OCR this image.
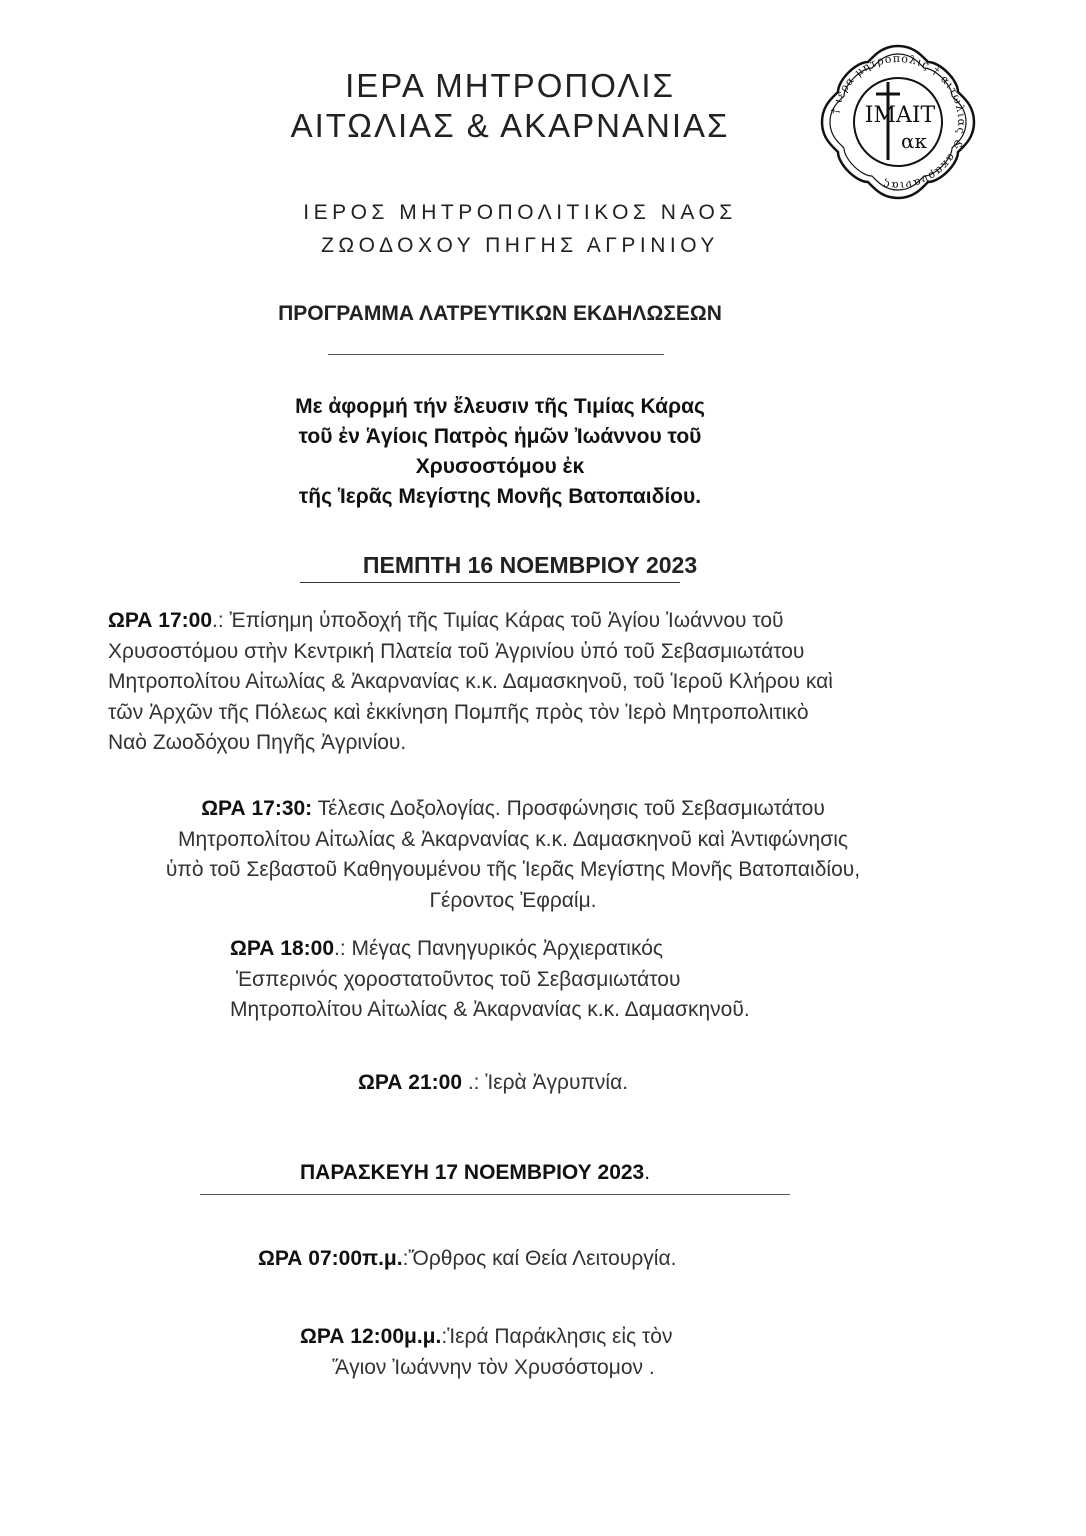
ΙΕΡΑ ΜΗΤΡΟΠΟΛΙΣ
ΑΙΤΩΛΙΑΣ & ΑΚΑΡΝΑΝΙΑΣ	† ιερα μητροπολις † αιτωλιας & ακαρνανιας
ΙΜΑΙΤ
ακ
ΙΕΡΟΣ ΜΗΤΡΟΠΟΛΙΤΙΚΟΣ ΝΑΟΣ
ΖΩΟΔΟΧΟΥ ΠΗΓΗΣ ΑΓΡΙΝΙΟΥ
ΠΡΟΓΡΑΜΜΑ ΛΑΤΡΕΥΤΙΚΩΝ ΕΚΔΗΛΩΣΕΩΝ
Με ἀφορμή τήν ἔλευσιν τῆς Τιμίας Κάρας
τοῦ ἐν Ἁγίοις Πατρὸς ἡμῶν Ἰωάννου τοῦ
Χρυσοστόμου ἐκ
τῆς Ἱερᾶς Μεγίστης Μονῆς Βατοπαιδίου.
ΠΕΜΠΤΗ 16 ΝΟΕΜΒΡΙΟΥ 2023
ΩΡΑ 17:00.: Ἐπίσημη ὑποδοχή τῆς Τιμίας Κάρας τοῦ Ἁγίου Ἰωάννου τοῦ
Χρυσοστόμου στὴν Κεντρική Πλατεία τοῦ Ἀγρινίου ὑπό τοῦ Σεβασμιωτάτου
Μητροπολίτου Αἰτωλίας & Ἀκαρνανίας κ.κ. Δαμασκηνοῦ, τοῦ Ἱεροῦ Κλήρου καὶ
τῶν Ἀρχῶν τῆς Πόλεως καὶ ἐκκίνηση Πομπῆς πρὸς τὸν Ἱερὸ Μητροπολιτικὸ
Ναὸ Ζωοδόχου Πηγῆς Ἀγρινίου.
ΩΡΑ 17:30: Τέλεσις Δοξολογίας. Προσφώνησις τοῦ Σεβασμιωτάτου
Μητροπολίτου Αἰτωλίας & Ἀκαρνανίας κ.κ. Δαμασκηνοῦ καὶ Ἀντιφώνησις
ὑπὸ τοῦ Σεβαστοῦ Καθηγουμένου τῆς Ἱερᾶς Μεγίστης Μονῆς Βατοπαιδίου,
Γέροντος Ἐφραίμ.
ΩΡΑ 18:00.: Μέγας Πανηγυρικός Ἀρχιερατικός
Ἑσπερινός χοροστατοῦντος τοῦ Σεβασμιωτάτου
Μητροπολίτου Αἰτωλίας & Ἀκαρνανίας κ.κ. Δαμασκηνοῦ.
ΩΡΑ 21:00 .: Ἱερὰ Ἀγρυπνία.
ΠΑΡΑΣΚΕΥΗ 17 ΝΟΕΜΒΡΙΟΥ 2023.
ΩΡΑ 07:00π.μ.:Ὄρθρος καί Θεία Λειτουργία.
ΩΡΑ 12:00μ.μ.:Ἱερά Παράκλησις εἰς τὸν
Ἅγιον Ἰωάννην τὸν Χρυσόστομον .
